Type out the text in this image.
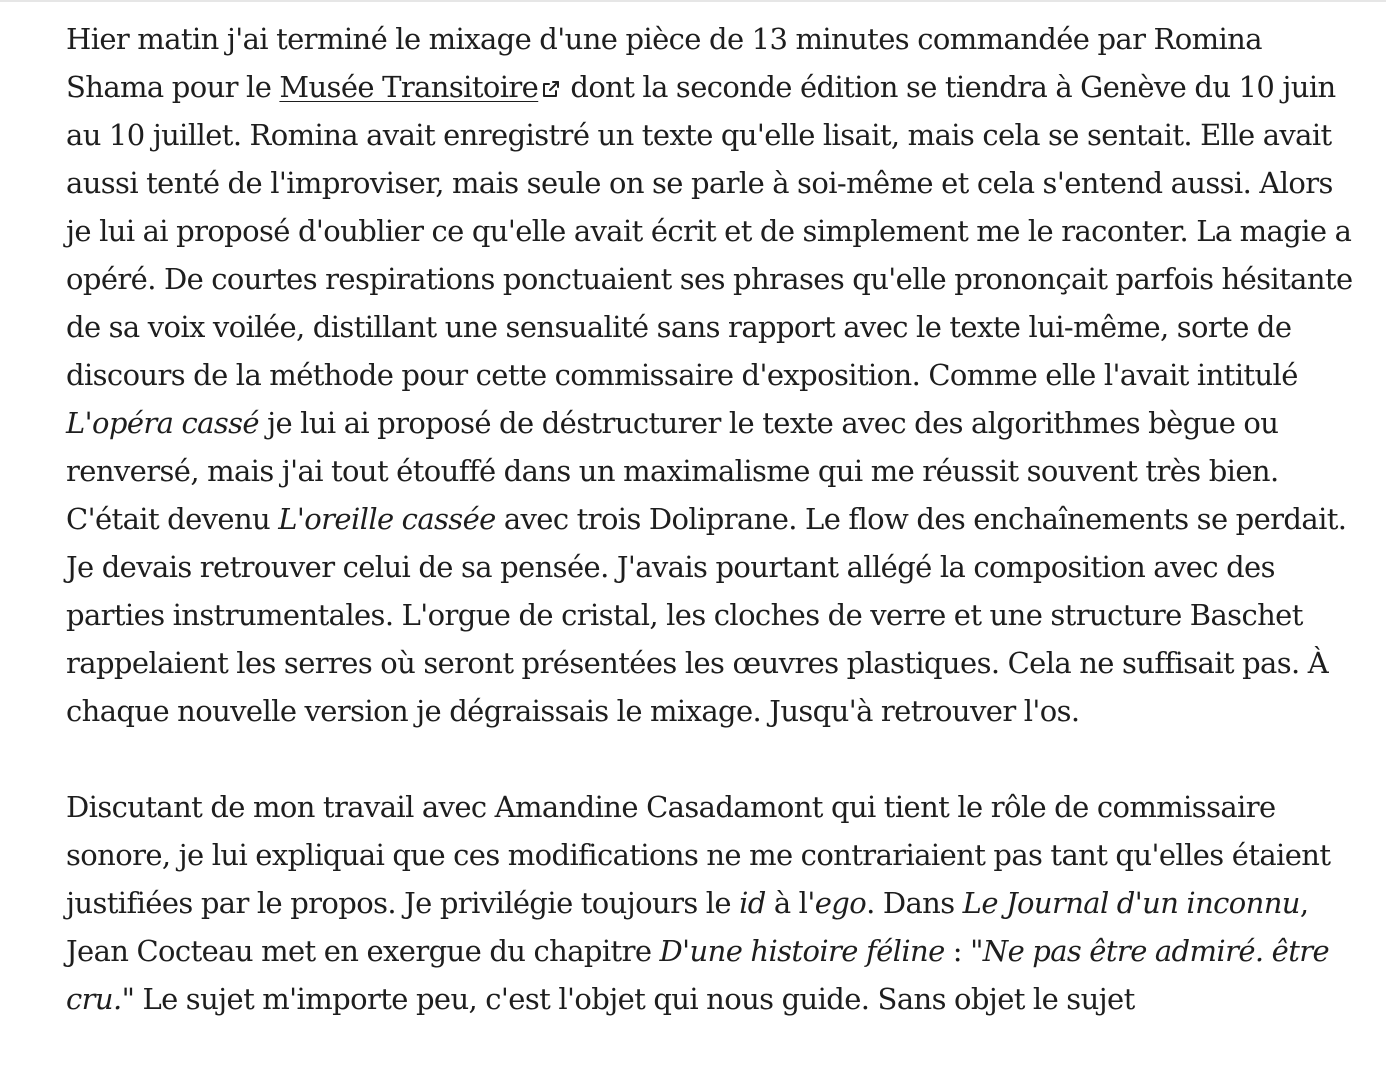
Hier matin j'ai terminé le mixage d'une pièce de 13 minutes commandée par Romina Shama pour le Musée Transitoire dont la seconde édition se tiendra à Genève du 10 juin au 10 juillet. Romina avait enregistré un texte qu'elle lisait, mais cela se sentait. Elle avait aussi tenté de l'improviser, mais seule on se parle à soi-même et cela s'entend aussi. Alors je lui ai proposé d'oublier ce qu'elle avait écrit et de simplement me le raconter. La magie a opéré. De courtes respirations ponctuaient ses phrases qu'elle prononçait parfois hésitante de sa voix voilée, distillant une sensualité sans rapport avec le texte lui-même, sorte de discours de la méthode pour cette commissaire d'exposition. Comme elle l'avait intitulé L'opéra cassé je lui ai proposé de déstructurer le texte avec des algorithmes bègue ou renversé, mais j'ai tout étouffé dans un maximalisme qui me réussit souvent très bien. C'était devenu L'oreille cassée avec trois Doliprane. Le flow des enchaînements se perdait. Je devais retrouver celui de sa pensée. J'avais pourtant allégé la composition avec des parties instrumentales. L'orgue de cristal, les cloches de verre et une structure Baschet rappelaient les serres où seront présentées les œuvres plastiques. Cela ne suffisait pas. À chaque nouvelle version je dégraissais le mixage. Jusqu'à retrouver l'os.

Discutant de mon travail avec Amandine Casadamont qui tient le rôle de commissaire sonore, je lui expliquai que ces modifications ne me contrariaient pas tant qu'elles étaient justifiées par le propos. Je privilégie toujours le id à l'ego. Dans Le Journal d'un inconnu, Jean Cocteau met en exergue du chapitre D'une histoire féline : "Ne pas être admiré. être cru." Le sujet m'importe peu, c'est l'objet qui nous guide. Sans objet le sujet
